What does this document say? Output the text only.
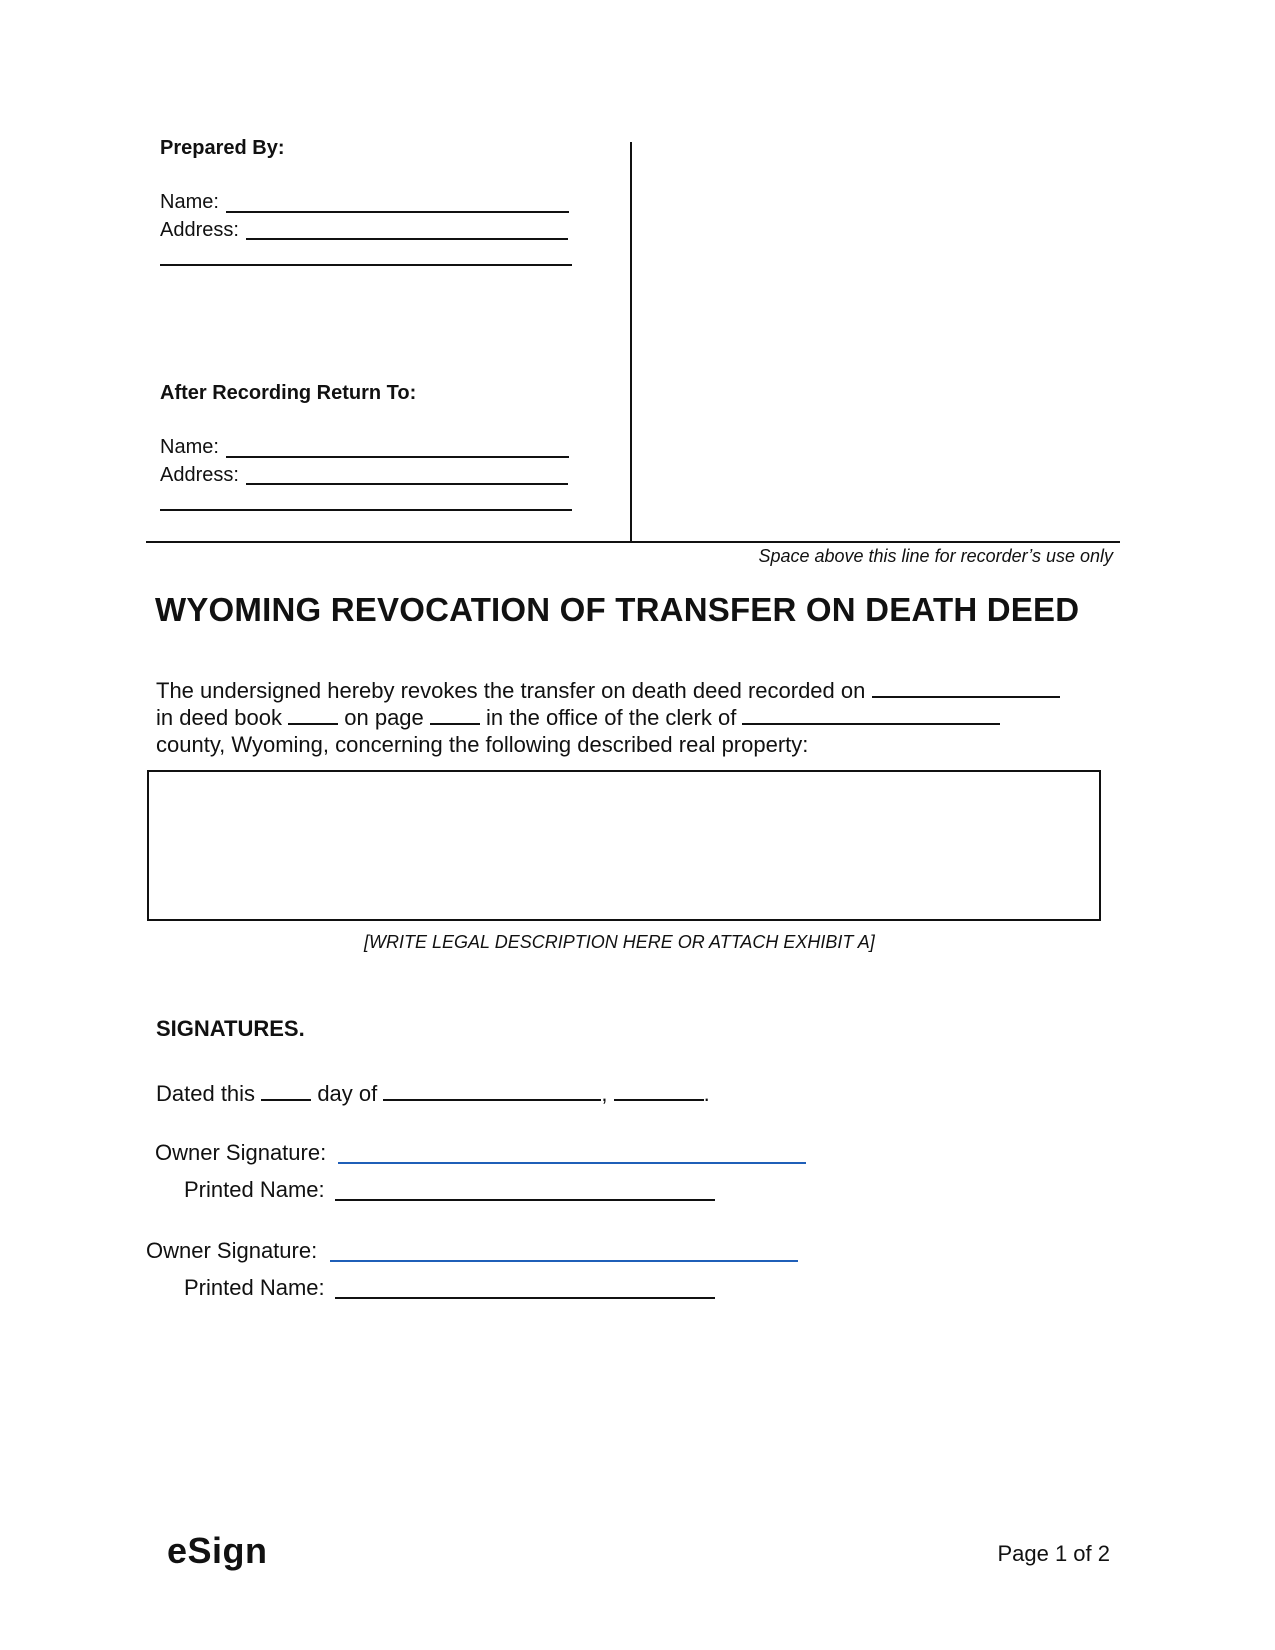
Prepared By:
Name:
Address:
After Recording Return To:
Name:
Address:
Space above this line for recorder’s use only
WYOMING REVOCATION OF TRANSFER ON DEATH DEED
The undersigned hereby revokes the transfer on death deed recorded on
in deed book	on page	in the office of the clerk of
county, Wyoming, concerning the following described real property:
[WRITE LEGAL DESCRIPTION HERE OR ATTACH EXHIBIT A]
SIGNATURES.
Dated this	day of	,	.
Owner Signature:
Printed Name:
Owner Signature:
Printed Name:
eSign	Page 1 of 2
